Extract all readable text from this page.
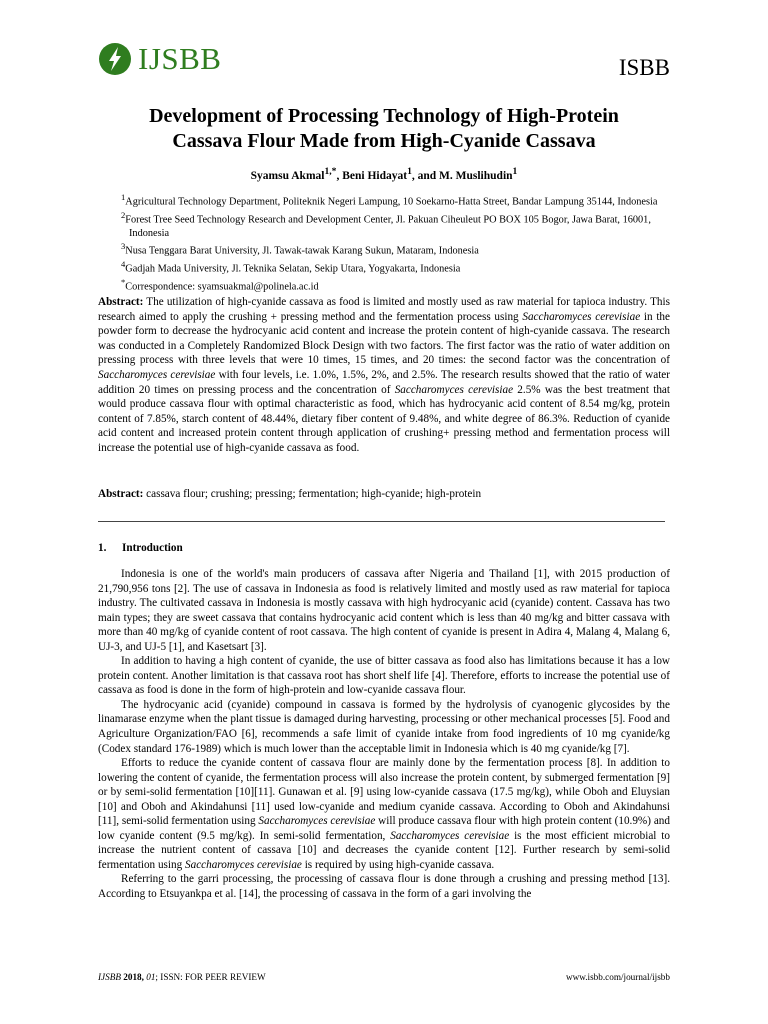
IJSBB	ISBB
Development of Processing Technology of High-Protein
Cassava Flour Made from High-Cyanide Cassava
Syamsu Akmal$^{1,*}$, Beni Hidayat$^1$, and M. Muslihudin$^1$
$^1$Agricultural Technology Department, Politeknik Negeri Lampung, 10 Soekarno-Hatta Street, Bandar Lampung 35144, Indonesia
$^2$Forest Tree Seed Technology Research and Development Center, Jl. Pakuan Ciheuleut PO BOX 105 Bogor, Jawa Barat, 16001, Indonesia
$^3$Nusa Tenggara Barat University, Jl. Tawak-tawak Karang Sukun, Mataram, Indonesia
$^4$Gadjah Mada University, Jl. Teknika Selatan, Sekip Utara, Yogyakarta, Indonesia
*Correspondence: syamsuakmal@polinela.ac.id
Abstract: The utilization of high-cyanide cassava as food is limited and mostly used as raw material for tapioca industry. This research aimed to apply the crushing + pressing method and the fermentation process using Saccharomyces cerevisiae in the powder form to decrease the hydrocyanic acid content and increase the protein content of high-cyanide cassava. The research was conducted in a Completely Randomized Block Design with two factors. The first factor was the ratio of water addition on pressing process with three levels that were 10 times, 15 times, and 20 times: the second factor was the concentration of Saccharomyces cerevisiae with four levels, i.e. 1.0%, 1.5%, 2%, and 2.5%. The research results showed that the ratio of water addition 20 times on pressing process and the concentration of Saccharomyces cerevisiae 2.5% was the best treatment that would produce cassava flour with optimal characteristic as food, which has hydrocyanic acid content of 8.54 mg/kg, protein content of 7.85%, starch content of 48.44%, dietary fiber content of 9.48%, and white degree of 86.3%. Reduction of cyanide acid content and increased protein content through application of crushing+ pressing method and fermentation process will increase the potential use of high-cyanide cassava as food.
Abstract: cassava flour; crushing; pressing; fermentation; high-cyanide; high-protein
1. Introduction

Indonesia is one of the world's main producers of cassava after Nigeria and Thailand [1], with 2015 production of 21,790,956 tons [2]. The use of cassava in Indonesia as food is relatively limited and mostly used as raw material for tapioca industry. The cultivated cassava in Indonesia is mostly cassava with high hydrocyanic acid (cyanide) content. Cassava has two main types; they are sweet cassava that contains hydrocyanic acid content which is less than 40 mg/kg and bitter cassava with more than 40 mg/kg of cyanide content of root cassava. The high content of cyanide is present in Adira 4, Malang 4, Malang 6, UJ-3, and UJ-5 [1], and Kasetsart [3].

In addition to having a high content of cyanide, the use of bitter cassava as food also has limitations because it has a low protein content. Another limitation is that cassava root has short shelf life [4]. Therefore, efforts to increase the potential use of cassava as food is done in the form of high-protein and low-cyanide cassava flour.

The hydrocyanic acid (cyanide) compound in cassava is formed by the hydrolysis of cyanogenic glycosides by the linamarase enzyme when the plant tissue is damaged during harvesting, processing or other mechanical processes [5]. Food and Agriculture Organization/FAO [6], recommends a safe limit of cyanide intake from food ingredients of 10 mg cyanide/kg (Codex standard 176-1989) which is much lower than the acceptable limit in Indonesia which is 40 mg cyanide/kg [7].

Efforts to reduce the cyanide content of cassava flour are mainly done by the fermentation process [8]. In addition to lowering the content of cyanide, the fermentation process will also increase the protein content, by submerged fermentation [9] or by semi-solid fermentation [10][11]. Gunawan et al. [9] using low-cyanide cassava (17.5 mg/kg), while Oboh and Eluysian [10] and Oboh and Akindahunsi [11] used low-cyanide and medium cyanide cassava. According to Oboh and Akindahunsi [11], semi-solid fermentation using Saccharomyces cerevisiae will produce cassava flour with high protein content (10.9%) and low cyanide content (9.5 mg/kg). In semi-solid fermentation, Saccharomyces cerevisiae is the most efficient microbial to increase the nutrient content of cassava [10] and decreases the cyanide content [12]. Further research by semi-solid fermentation using Saccharomyces cerevisiae is required by using high-cyanide cassava.

Referring to the garri processing, the processing of cassava flour is done through a crushing and pressing method [13]. According to Etsuyankpa et al. [14], the processing of cassava in the form of a gari involving the

IJSBB 2018, 01; ISSN: FOR PEER REVIEW	www.isbb.com/journal/ijsbb
